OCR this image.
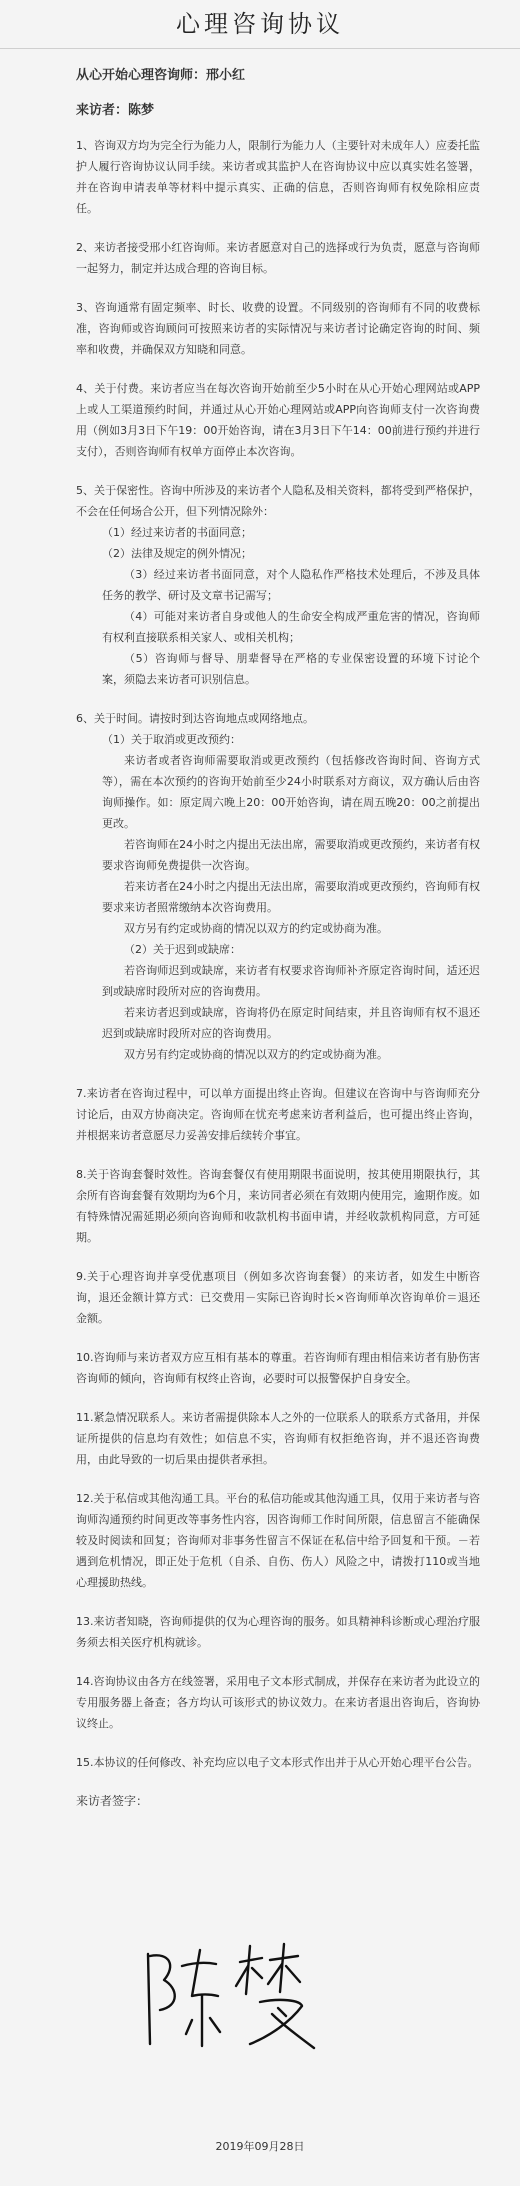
心理咨询协议
从心开始心理咨询师：邢小红
来访者：陈梦

1、咨询双方均为完全行为能力人，限制行为能力人（主要针对未成年人）应委托监护人履行咨询协议认同手续。来访者或其监护人在咨询协议中应以真实姓名签署，并在咨询申请表单等材料中提示真实、正确的信息，否则咨询师有权免除相应责任。

2、来访者接受邢小红咨询师。来访者愿意对自己的选择或行为负责，愿意与咨询师一起努力，制定并达成合理的咨询目标。

3、咨询通常有固定频率、时长、收费的设置。不同级别的咨询师有不同的收费标准，咨询师或咨询顾问可按照来访者的实际情况与来访者讨论确定咨询的时间、频率和收费，并确保双方知晓和同意。

4、关于付费。来访者应当在每次咨询开始前至少5小时在从心开始心理网站或APP上或人工渠道预约时间，并通过从心开始心理网站或APP向咨询师支付一次咨询费用（例如3月3日下午19：00开始咨询，请在3月3日下午14：00前进行预约并进行支付），否则咨询师有权单方面停止本次咨询。

5、关于保密性。咨询中所涉及的来访者个人隐私及相关资料，都将受到严格保护，不会在任何场合公开，但下列情况除外：

（1）经过来访者的书面同意；

（2）法律及规定的例外情况；

（3）经过来访者书面同意，对个人隐私作严格技术处理后，不涉及具体任务的教学、研讨及文章书记需写；

（4）可能对来访者自身或他人的生命安全构成严重危害的情况，咨询师有权利直接联系相关家人、或相关机构；

（5）咨询师与督导、朋辈督导在严格的专业保密设置的环境下讨论个案，须隐去来访者可识别信息。

6、关于时间。请按时到达咨询地点或网络地点。

（1）关于取消或更改预约：

来访者或者咨询师需要取消或更改预约（包括修改咨询时间、咨询方式等），需在本次预约的咨询开始前至少24小时联系对方商议，双方确认后由咨询师操作。如：原定周六晚上20：00开始咨询，请在周五晚20：00之前提出更改。

若咨询师在24小时之内提出无法出席，需要取消或更改预约，来访者有权要求咨询师免费提供一次咨询。

若来访者在24小时之内提出无法出席，需要取消或更改预约，咨询师有权要求来访者照常缴纳本次咨询费用。

双方另有约定或协商的情况以双方的约定或协商为准。

（2）关于迟到或缺席：

若咨询师迟到或缺席，来访者有权要求咨询师补齐原定咨询时间，适还迟到或缺席时段所对应的咨询费用。

若来访者迟到或缺席，咨询将仍在原定时间结束，并且咨询师有权不退还迟到或缺席时段所对应的咨询费用。

双方另有约定或协商的情况以双方的约定或协商为准。

7.来访者在咨询过程中，可以单方面提出终止咨询。但建议在咨询中与咨询师充分讨论后，由双方协商决定。咨询师在忧充考虑来访者利益后，也可提出终止咨询，并根据来访者意愿尽力妥善安排后续转介事宜。

8.关于咨询套餐时效性。咨询套餐仅有使用期限书面说明，按其使用期限执行，其余所有咨询套餐有效期均为6个月，来访同者必须在有效期内使用完，逾期作废。如有特殊情况需延期必须向咨询师和收款机构书面申请，并经收款机构同意，方可延期。

9.关于心理咨询并享受优惠项目（例如多次咨询套餐）的来访者，如发生中断咨询，退还金额计算方式：已交费用－实际已咨询时长×咨询师单次咨询单价＝退还金额。

10.咨询师与来访者双方应互相有基本的尊重。若咨询师有理由相信来访者有胁伤害咨询师的倾向，咨询师有权终止咨询，必要时可以报警保护自身安全。

11.紧急情况联系人。来访者需提供除本人之外的一位联系人的联系方式备用，并保证所提供的信息均有效性；如信息不实，咨询师有权拒绝咨询，并不退还咨询费用，由此导致的一切后果由提供者承担。

12.关于私信或其他沟通工具。平台的私信功能或其他沟通工具，仅用于来访者与咨询师沟通预约时间更改等事务性内容，因咨询师工作时间所限，信息留言不能确保较及时阅读和回复；咨询师对非事务性留言不保证在私信中给予回复和干预。－若遇到危机情况，即正处于危机（自杀、自伤、伤人）风险之中，请拨打110或当地心理援助热线。

13.来访者知晓，咨询师提供的仅为心理咨询的服务。如具精神科诊断或心理治疗服务须去相关医疗机构就诊。

14.咨询协议由各方在线签署，采用电子文本形式制成，并保存在来访者为此设立的专用服务器上备查；各方均认可该形式的协议效力。在来访者退出咨询后，咨询协议终止。

15.本协议的任何修改、补充均应以电子文本形式作出并于从心开始心理平台公告。

来访者签字：
2019年09月28日
